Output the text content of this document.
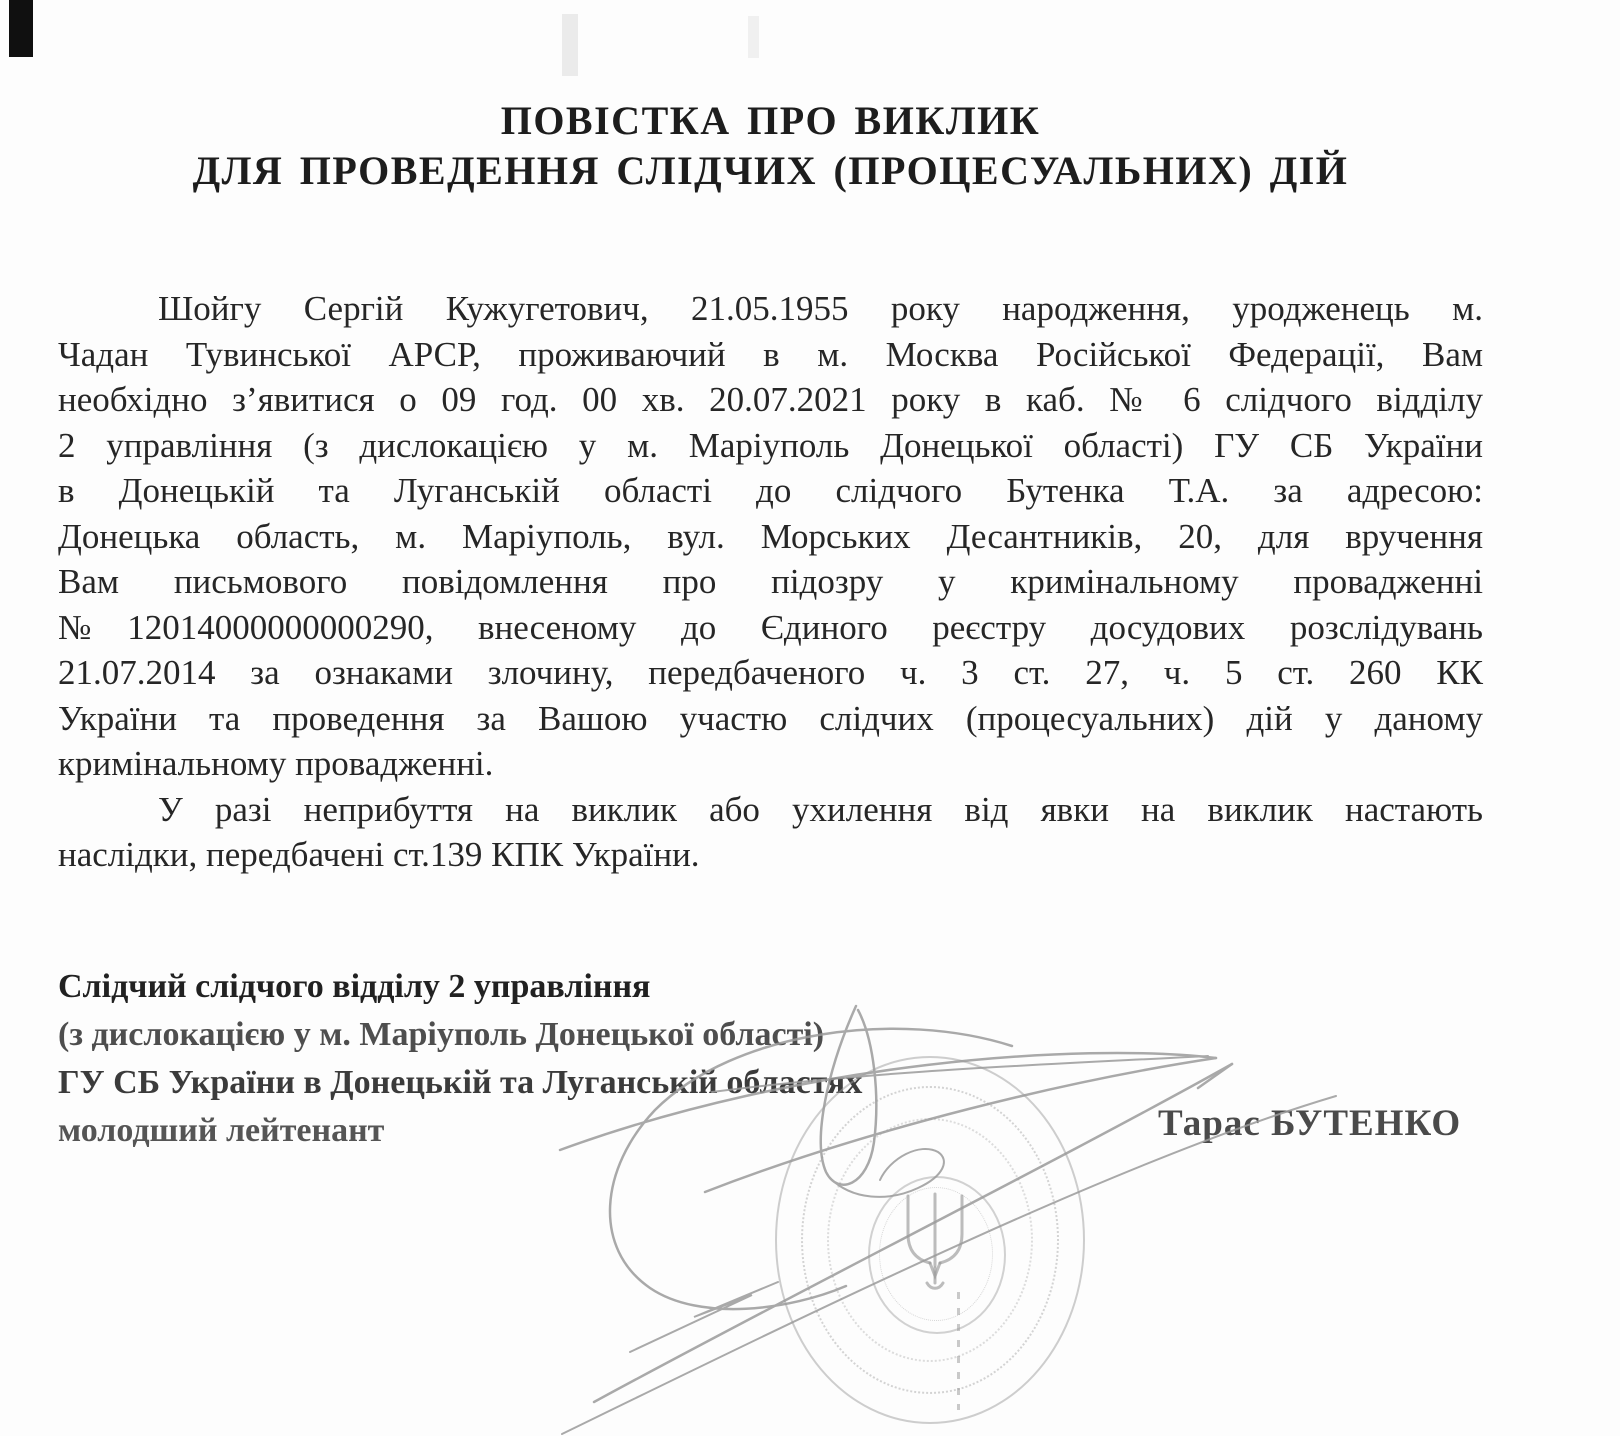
ПОВІСТКА ПРО ВИКЛИК
ДЛЯ ПРОВЕДЕННЯ СЛІДЧИХ (ПРОЦЕСУАЛЬНИХ) ДІЙ
Шойгу Сергій Кужугетович, 21.05.1955 року народження, уродженець м.
Чадан Тувинської АРСР, проживаючий в м. Москва Російської Федерації, Вам
необхідно з’явитися о 09 год. 00 хв. 20.07.2021 року в каб. № 6 слідчого відділу
2 управління (з дислокацією у м. Маріуполь Донецької області) ГУ СБ України
в Донецькій та Луганській області до слідчого Бутенка Т.А. за адресою:
Донецька область, м. Маріуполь, вул. Морських Десантників, 20, для вручення
Вам письмового повідомлення про підозру у кримінальному провадженні
№12014000000000290, внесеному до Єдиного реєстру досудових розслідувань
21.07.2014 за ознаками злочину, передбаченого ч. 3 ст. 27, ч. 5 ст. 260 КК
України та проведення за Вашою участю слідчих (процесуальних) дій у даному
кримінальному провадженні.
У разі неприбуття на виклик або ухилення від явки на виклик настають
наслідки, передбачені ст.139 КПК України.
Слідчий слідчого відділу 2 управління
(з дислокацією у м. Маріуполь Донецької області)
ГУ СБ України в Донецькій та Луганській областях
молодший лейтенант	Тарас БУТЕНКО
